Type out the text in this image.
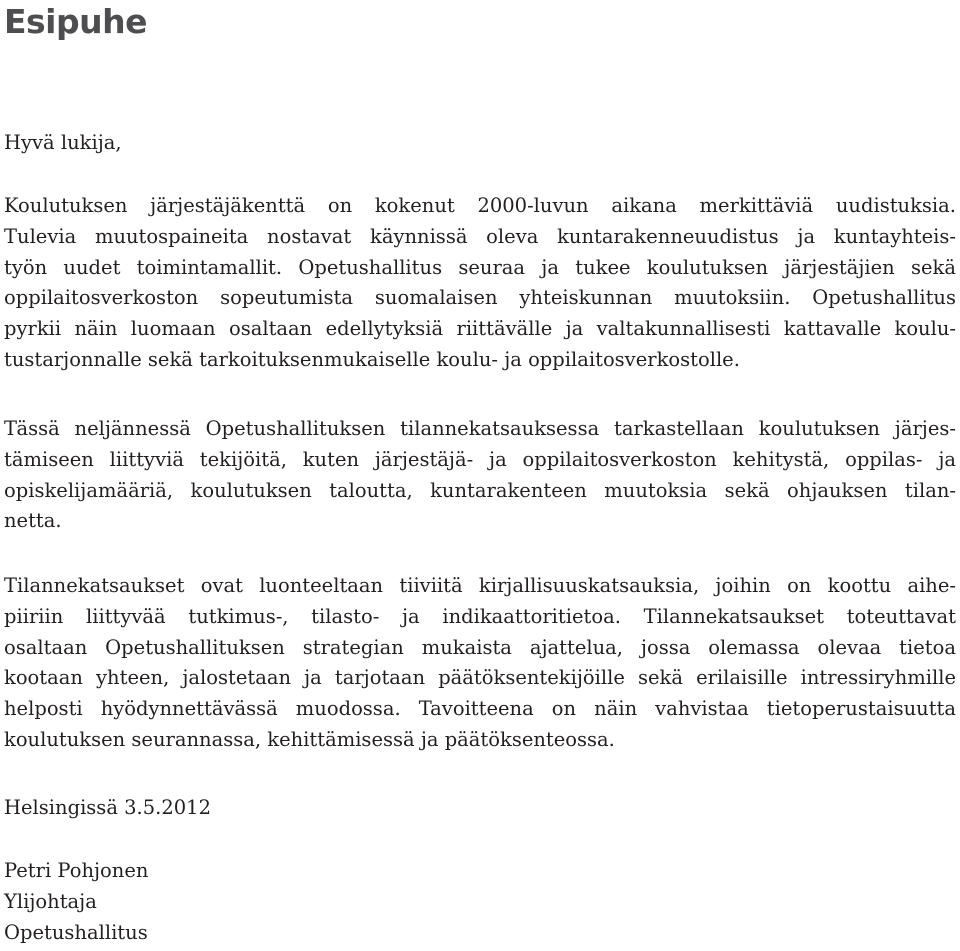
Esipuhe

Hyvä lukija,

Koulutuksen järjestäjäkenttä on kokenut 2000-luvun aikana merkittäviä uudistuksia.
Tulevia muutospaineita nostavat käynnissä oleva kuntarakenneuudistus ja kuntayhteis-
työn uudet toimintamallit. Opetushallitus seuraa ja tukee koulutuksen järjestäjien sekä
oppilaitosverkoston sopeutumista suomalaisen yhteiskunnan muutoksiin. Opetushallitus
pyrkii näin luomaan osaltaan edellytyksiä riittävälle ja valtakunnallisesti kattavalle koulu-
tustarjonnalle sekä tarkoituksenmukaiselle koulu- ja oppilaitosverkostolle.
Tässä neljännessä Opetushallituksen tilannekatsauksessa tarkastellaan koulutuksen järjes-
tämiseen liittyviä tekijöitä, kuten järjestäjä- ja oppilaitosverkoston kehitystä, oppilas- ja
opiskelijamääriä, koulutuksen taloutta, kuntarakenteen muutoksia sekä ohjauksen tilan-
netta.
Tilannekatsaukset ovat luonteeltaan tiiviitä kirjallisuuskatsauksia, joihin on koottu aihe-
piiriin liittyvää tutkimus-, tilasto- ja indikaattoritietoa. Tilannekatsaukset toteuttavat
osaltaan Opetushallituksen strategian mukaista ajattelua, jossa olemassa olevaa tietoa
kootaan yhteen, jalostetaan ja tarjotaan päätöksentekijöille sekä erilaisille intressiryhmille
helposti hyödynnettävässä muodossa. Tavoitteena on näin vahvistaa tietoperustaisuutta
koulutuksen seurannassa, kehittämisessä ja päätöksenteossa.

Helsingissä 3.5.2012

Petri Pohjonen
Ylijohtaja
Opetushallitus
